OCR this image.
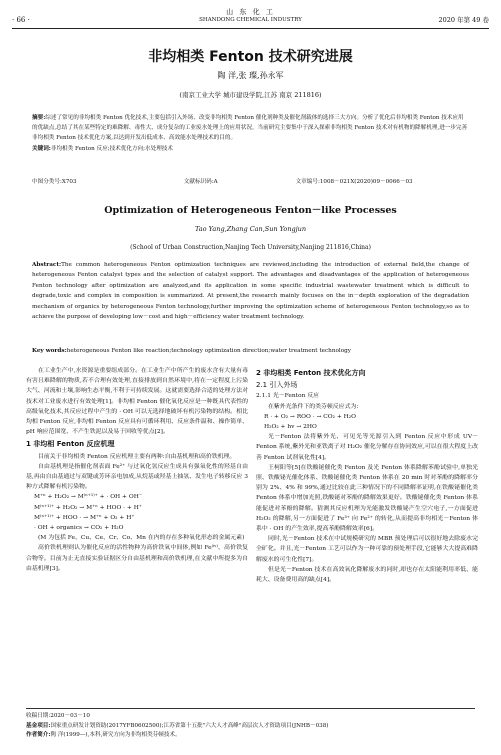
· 66 ·
山 东 化 工
SHANDONG CHEMICAL INDUSTRY	2020 年第 49 卷
非均相类 Fenton 技术研究进展
陶 洋,张 璨,孙永军
(南京工业大学 城市建设学院,江苏 南京 211816)
摘要:综述了常见的非均相类 Fenton 优化技术,主要包括引入外场、改变非均相类 Fenton 催化剂种类及催化剂载体的选择三大方向。分析了优化后非均相类 Fenton 技术应用的优缺点,总结了其在某些特定的难降解、毒性大、成分复杂的工业废水处理上的应用状况。当前研究主要集中于深入探索非均相类 Fenton 技术对有机物的降解机理,进一步完善非均相类 Fenton 技术优化方案,以达到开发出低成本、高效能水处理技术的目的。
关键词:非均相类 Fenton 反应;技术优化方向;水处理技术
中图分类号:X703	文献标识码:A	文章编号:1008－021X(2020)09－0066－03
Optimization of Heterogeneous Fenton－like Processes
Tao Yang,Zhang Can,Sun Yongjun
(School of Urban Construction,Nanjing Tech University,Nanjing 211816,China)
Abstract:The common heterogeneous Fenton optimization techniques are reviewed,including the introduction of external field,the change of heterogeneous Fenton catalyst types and the selection of catalyst support. The advantages and disadvantages of the application of heterogeneous Fenton technology after optimization are analyzed,and its application in some specific industrial wastewater treatment which is difficult to degrade,toxic and complex in composition is summarized. At present,the research mainly focuses on the in－depth exploration of the degradation mechanism of organics by heterogeneous Fenton technology,further improving the optimization scheme of heterogeneous Fenton technology,so as to achieve the purpose of developing low－cost and high－efficiency water treatment technology.
Key words:heterogeneous Fenton like reaction;technology optimization direction;water treatment technology

在工业生产中,水资源是重要组成部分。在工业生产中所产生的废水含有大量有毒有害且难降解的物质,若不合理有效处理,直接排放到自然环境中,将在一定程度上污染大气、河流和土壤,影响生态平衡,不利于可持续发展。这就需要选择合适的处理方法对技术对工业废水进行有效处理[1]。非均相 Fenton 催化氧化反应是一种既具代表性的高级氧化技术,其反应过程中产生的 · OH 可以无选择地破坏有机污染物的结构。相比均相 Fenton 反应,非均相 Fenton 反应具有可循环利用、反应条件温和、操作简单、pH 响应范围宽、不产生铁泥以及易于回收等优点[2]。

1 非均相 Fenton 反应机理

目前关于非均相类 Fenton 反应机理主要有两种:自由基机理和高价铁机理。

自由基机理是指催化剂表面 Fe²⁺ 与过氧化氢反应生成具有强氧化性的羟基自由基,再由自由基通过与双键或芳环亲电加成,从烷基或羟基上抽氢、发生电子转移反应 3 种方式降解有机污染物。

M⁺ⁿ + H₂O₂ → M⁽ⁿ⁺¹⁾⁺ + · OH + OH⁻

M⁽ⁿ⁺¹⁾⁺ + H₂O₂ → M⁺ⁿ + HOO · + H⁺

M⁽ⁿ⁺¹⁾⁺ + HOO · → M⁺ⁿ + O₂ + H⁺

· OH + organics → CO₂ + H₂O

(M 为包括 Fe、Cu、Ce、Cr、Co、Mn 在内的存在多种氧化形态的金属元素)

高价铁机理则认为催化反应的活性物种为高价铁氧中间体,例如 Fe⁽ⁱᵛ⁾、高价铁复合物等。目前为止无直接实验证据区分自由基机理和高价铁机理,在文献中所提多为自由基机理[3]。

2 非均相类 Fenton 技术优化方向

2.1 引入外场

2.1.1 光－Fenton 反应

在紫外光条件下的类芬顿反应式为:

R · + O₂ → ROO · → CO₂ + H₂O

H₂O₂ + hv → 2HO

光－Fenton 法将紫外光、可见光等光源引入到 Fenton 反应中形成 UV－Fenton 系统,紫外光和亚铁离子对 H₂O₂ 催化分解存在协同效应,可以在很大程度上改善 Fenton 试剂氧化性[4]。

王柯阳等[5]在铁酸铋催化类 Fenton 及光 Fenton 体系降解苯酚试验中,单独光照、铁酸铋光催化体系、铁酸铋催化类 Fenton 体系在 20 min 时对苯酚的降解率分别为 2%、4% 和 99%,通过比较在此三种情况下的不同降解率证明,在铁酸铋催化类 Fenton 体系中增加光照,铁酸铋对苯酚的降解效果更好。铁酸铋催化类 Fenton 体系能促进对苯酚的降解。猜测其反应机理为光能激发铁酸铋产生空穴电子,一方面促进 H₂O₂ 的降解,另一方面促进了 Fe³⁺ 向 Fe²⁺ 的转化,从而提高非均相光－Fenton 体系中 · OH 的产生效率,提高苯酚降解效率[6]。

同时,光－Fenton 技术在中试规模研究的 MBR 预处理后可以很好地去除废水完全矿化。并且,光－Fenton 工艺可以作为一种可靠的预处理手段,它能够大大提高难降解废水的可生化性[7]。

但是光－Fenton 技术在高效氧化降解废水的同时,却也存在太阳能利用率低、能耗大、设备费用高的缺点[4]。

收稿日期:2020－03－10
基金项目:国家重点研发计划资助(2017YFB0602500);江苏省第十五批"六大人才高峰"高层次人才资助项目(JNHB－038)
作者简介:陶 洋(1999—),本科,研究方向为非均相类芬顿技术。
